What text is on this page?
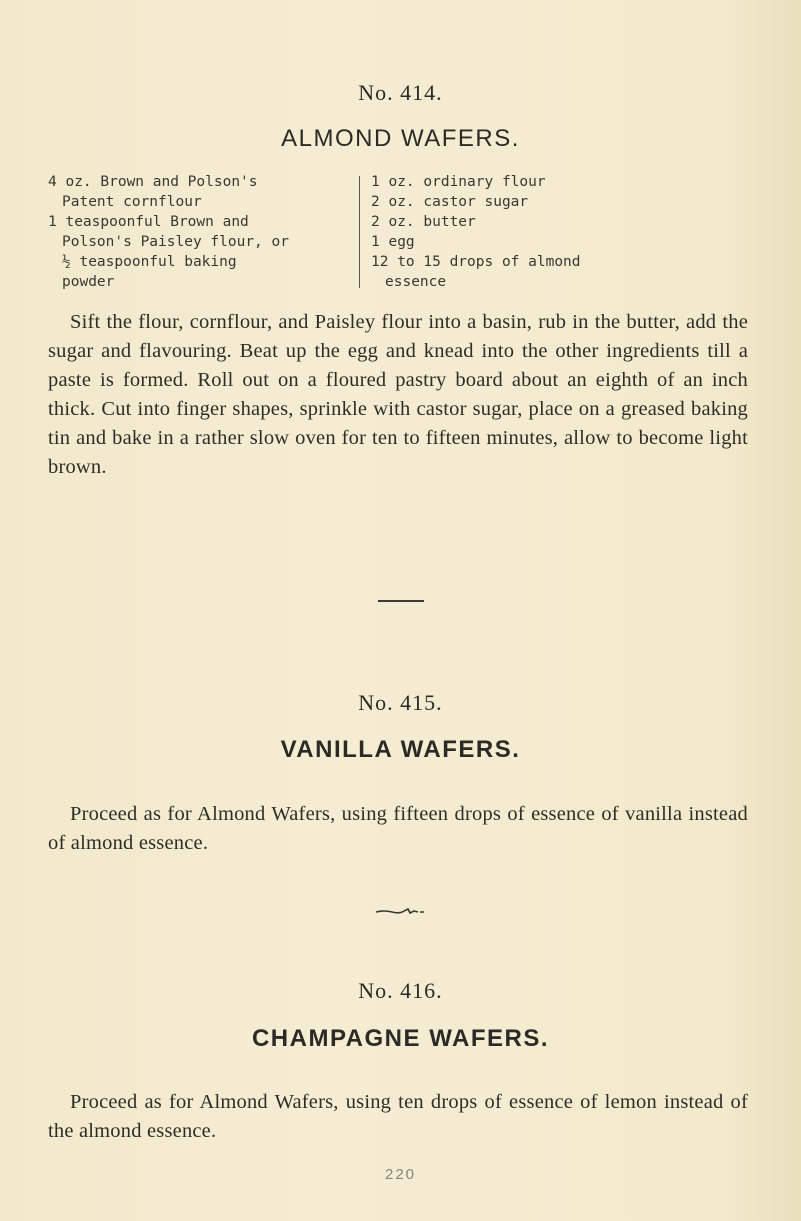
No. 414.
ALMOND WAFERS.
4 oz. Brown and Polson's
Patent cornflour
1 teaspoonful Brown and
Polson's Paisley flour, or
½ teaspoonful baking
powder
1 oz. ordinary flour
2 oz. castor sugar
2 oz. butter
1 egg
12 to 15 drops of almond
essence
Sift the flour, cornflour, and Paisley flour into a basin, rub in the butter, add the sugar and flavouring. Beat up the egg and knead into the other ingredients till a paste is formed. Roll out on a floured pastry board about an eighth of an inch thick. Cut into finger shapes, sprinkle with castor sugar, place on a greased baking tin and bake in a rather slow oven for ten to fifteen minutes, allow to become light brown.
No. 415.
VANILLA WAFERS.
Proceed as for Almond Wafers, using fifteen drops of essence of vanilla instead of almond essence.
No. 416.
CHAMPAGNE WAFERS.
Proceed as for Almond Wafers, using ten drops of essence of lemon instead of the almond essence.
220
